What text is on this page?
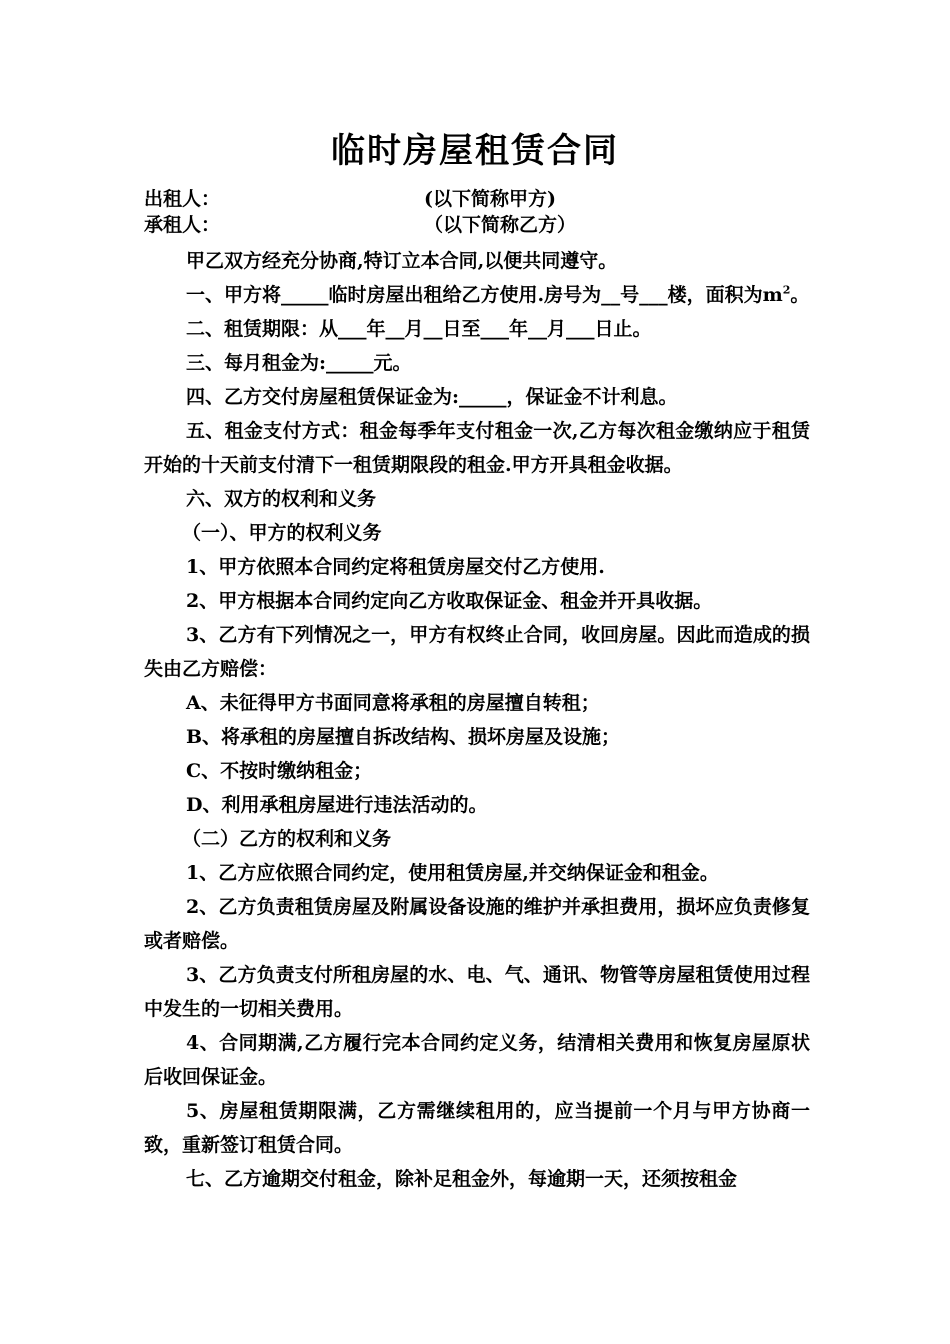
临时房屋租赁合同
出租人：	(以下简称甲方)
承租人：	（以下简称乙方）

甲乙双方经充分协商,特订立本合同,以便共同遵守。

一、甲方将_____临时房屋出租给乙方使用.房号为__号___楼，面积为$m^2$。

二、租赁期限：从___年__月__日至___年__月___日止。

三、每月租金为:_____元。

四、乙方交付房屋租赁保证金为:_____，保证金不计利息。

五、租金支付方式：租金每季年支付租金一次,乙方每次租金缴纳应于租赁开始的十天前支付清下一租赁期限段的租金.甲方开具租金收据。

六、双方的权利和义务

（一）、甲方的权利义务

1、甲方依照本合同约定将租赁房屋交付乙方使用.

2、甲方根据本合同约定向乙方收取保证金、租金并开具收据。

3、乙方有下列情况之一，甲方有权终止合同，收回房屋。因此而造成的损失由乙方赔偿：

A、未征得甲方书面同意将承租的房屋擅自转租；

B、将承租的房屋擅自拆改结构、损坏房屋及设施；

C、不按时缴纳租金；

D、利用承租房屋进行违法活动的。

（二）乙方的权利和义务

1、乙方应依照合同约定，使用租赁房屋,并交纳保证金和租金。

2、乙方负责租赁房屋及附属设备设施的维护并承担费用，损坏应负责修复或者赔偿。

3、乙方负责支付所租房屋的水、电、气、通讯、物管等房屋租赁使用过程中发生的一切相关费用。

4、合同期满,乙方履行完本合同约定义务，结清相关费用和恢复房屋原状后收回保证金。

5、房屋租赁期限满，乙方需继续租用的，应当提前一个月与甲方协商一致，重新签订租赁合同。

七、乙方逾期交付租金，除补足租金外，每逾期一天，还须按租金
